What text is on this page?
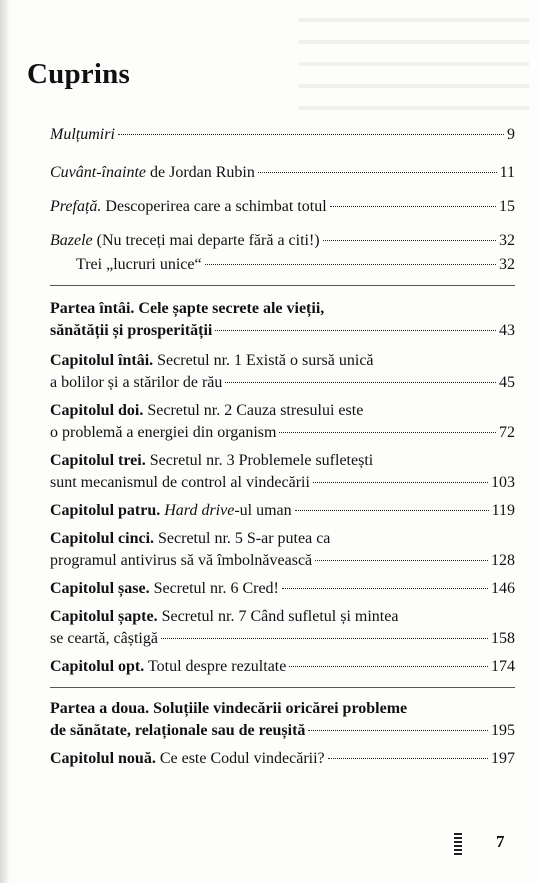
Cuprins
Mulțumiri	9
Cuvânt-înainte de Jordan Rubin	11
Prefață. Descoperirea care a schimbat totul	15
Bazele (Nu treceți mai departe fără a citi!)	32
Trei „lucruri unice“	32
Partea întâi. Cele șapte secrete ale vieții,
sănătății și prosperității	43
Capitolul întâi. Secretul nr. 1 Există o sursă unică
a bolilor și a stărilor de rău	45
Capitolul doi. Secretul nr. 2 Cauza stresului este
o problemă a energiei din organism	72
Capitolul trei. Secretul nr. 3 Problemele sufletești
sunt mecanismul de control al vindecării	103
Capitolul patru. Hard drive-ul uman	119
Capitolul cinci. Secretul nr. 5 S-ar putea ca
programul antivirus să vă îmbolnăvească	128
Capitolul șase. Secretul nr. 6 Cred!	146
Capitolul șapte. Secretul nr. 7 Când sufletul și mintea
se ceartă, câștigă	158
Capitolul opt. Totul despre rezultate	174
Partea a doua. Soluțiile vindecării oricărei probleme
de sănătate, relaționale sau de reușită	195
Capitolul nouă. Ce este Codul vindecării?	197
7
